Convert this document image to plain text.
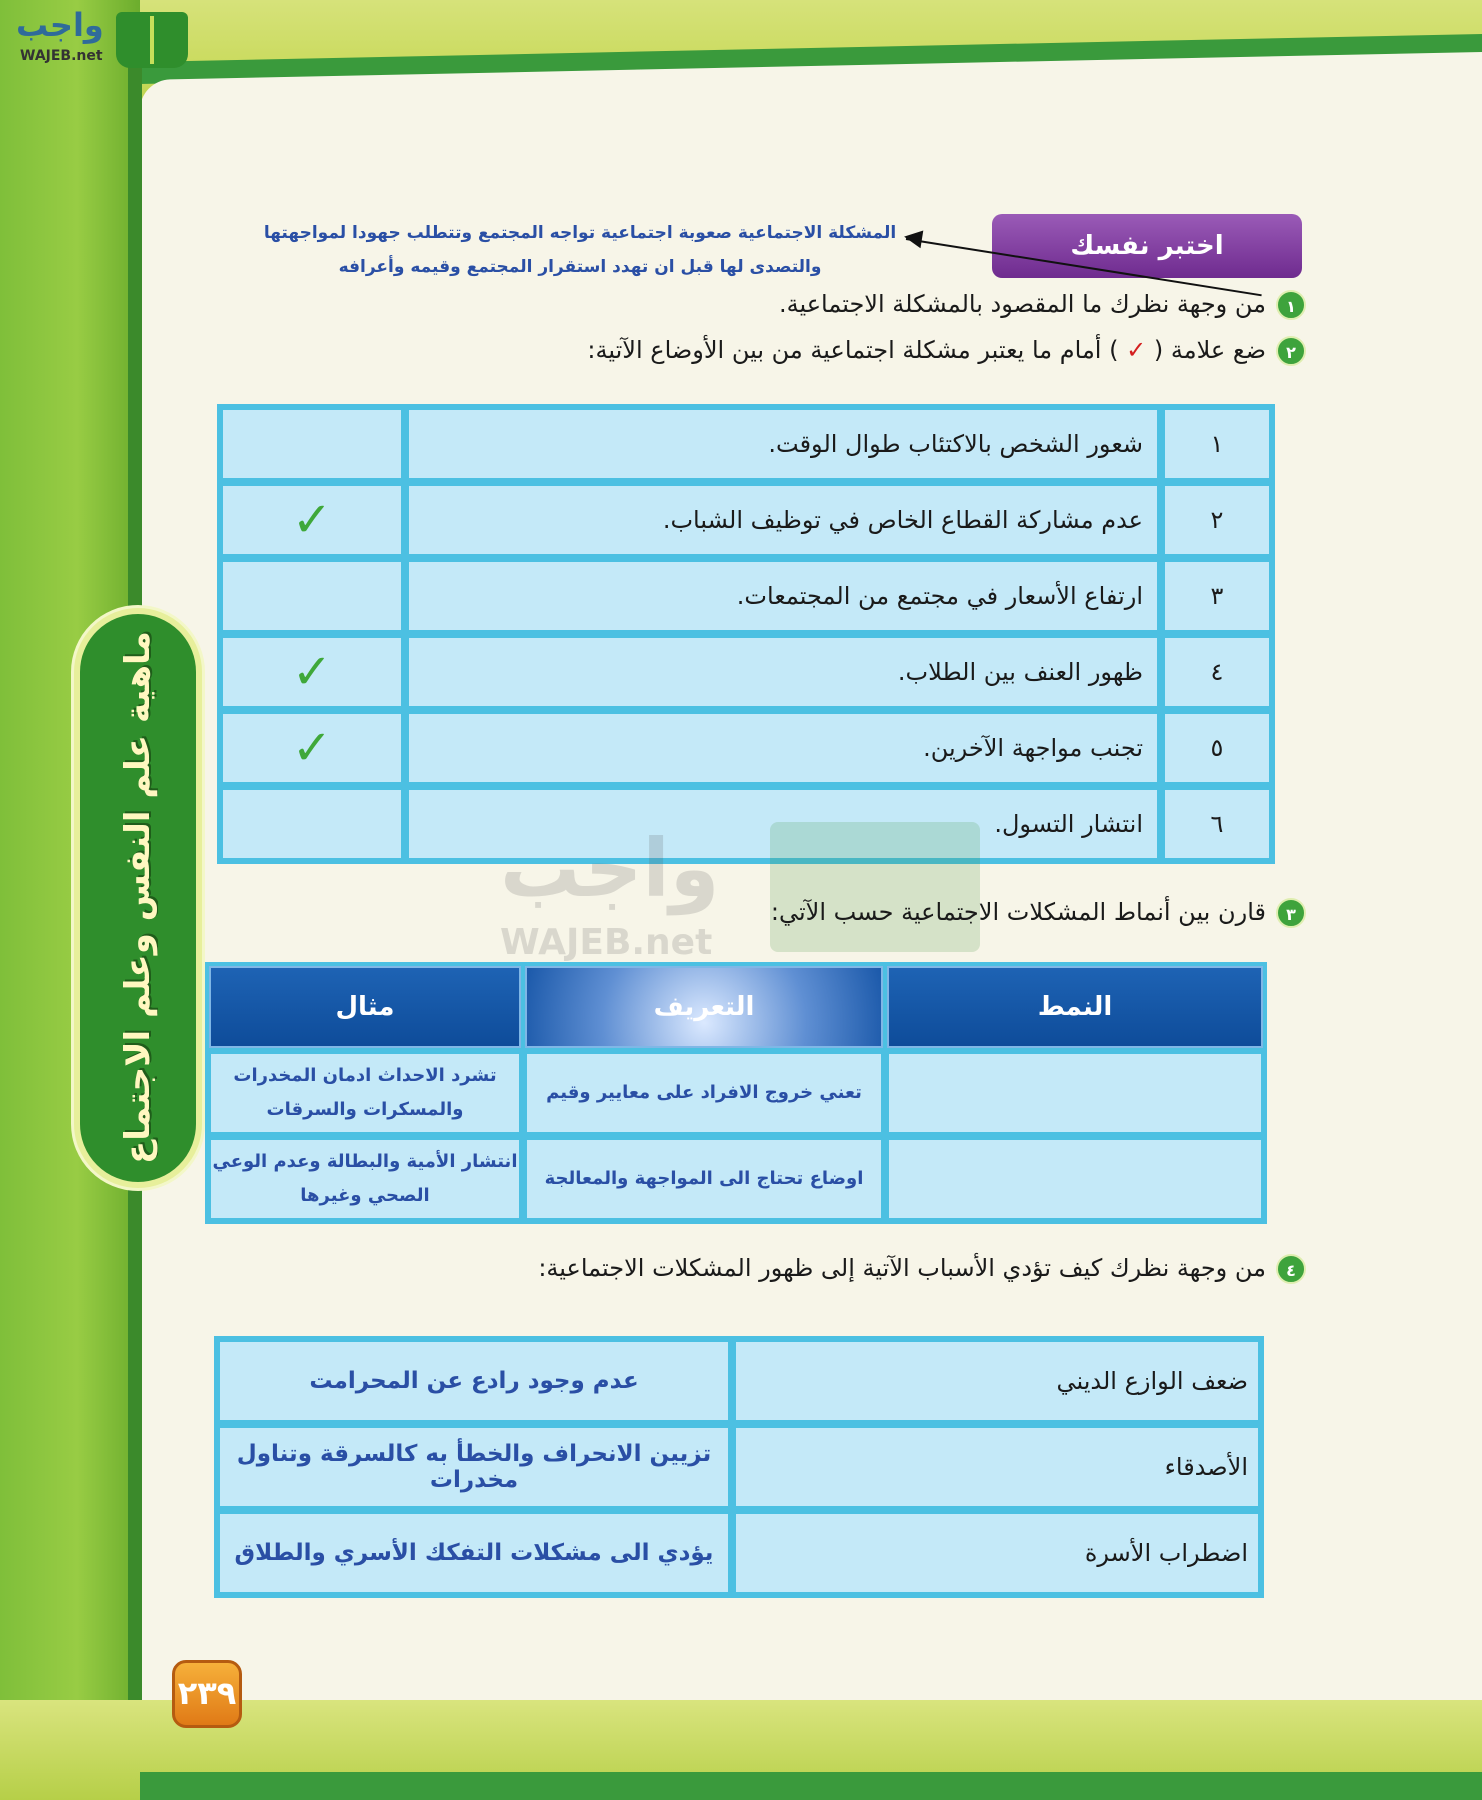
واجب
WAJEB.net
ماهية علم النفس وعلم الاجتماع
اختبر نفسك
المشكلة الاجتماعية صعوبة اجتماعية تواجه المجتمع وتتطلب جهودا لمواجهتها
والتصدى لها قبل ان تهدد استقرار المجتمع وقيمه وأعرافه
١من وجهة نظرك ما المقصود بالمشكلة الاجتماعية.
٢ضع علامة ( ✓ ) أمام ما يعتبر مشكلة اجتماعية من بين الأوضاع الآتية:
	شعور الشخص بالاكتئاب طوال الوقت.	١
✓	عدم مشاركة القطاع الخاص في توظيف الشباب.	٢
	ارتفاع الأسعار في مجتمع من المجتمعات.	٣
✓	ظهور العنف بين الطلاب.	٤
✓	تجنب مواجهة الآخرين.	٥
	انتشار التسول.	٦
واجب
WAJEB.net
٣قارن بين أنماط المشكلات الاجتماعية حسب الآتي:
مثال	التعريف	النمط
تشرد الاحداث ادمان المخدرات والمسكرات والسرقات	تعني خروج الافراد على معايير وقيم	
انتشار الأمية والبطالة وعدم الوعي الصحي وغيرها	اوضاع تحتاج الى المواجهة والمعالجة	
٤من وجهة نظرك كيف تؤدي الأسباب الآتية إلى ظهور المشكلات الاجتماعية:
عدم وجود رادع عن المحرامت	ضعف الوازع الديني
تزيين الانحراف والخطأ به كالسرقة وتناول مخدرات	الأصدقاء
يؤدي الى مشكلات التفكك الأسري والطلاق	اضطراب الأسرة
٢٣٩
